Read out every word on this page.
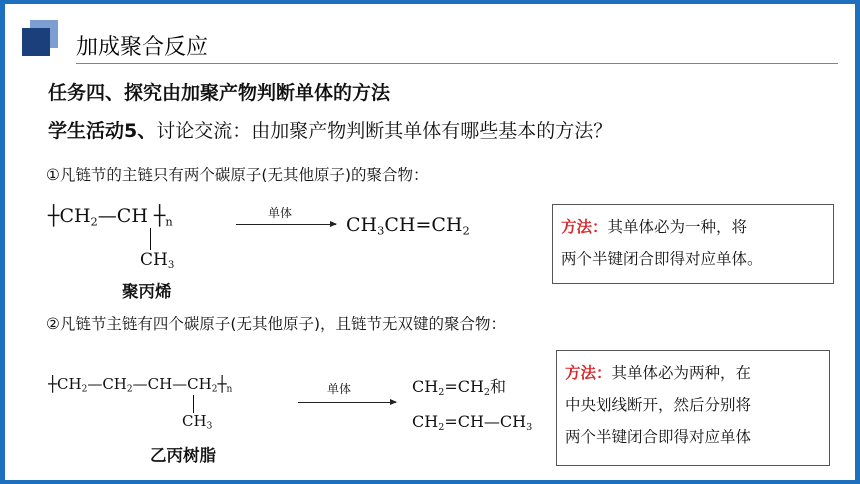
加成聚合反应
任务四、探究由加聚产物判断单体的方法
学生活动5、讨论交流：由加聚产物判断其单体有哪些基本的方法？
①凡链节的主链只有两个碳原子(无其他原子)的聚合物：
$┼CH_2—CH$ $┼_n$
$CH_3$
单体
$CH_3CH=CH_2$
聚丙烯
方法：其单体必为一种，将
两个半键闭合即得对应单体。
②凡链节主链有四个碳原子(无其他原子)，且链节无双键的聚合物：
$┼CH_2—CH_2—CH—CH_2┼_n$
$CH_3$
单体	$CH_2=CH_2$和
$CH_2=CH—CH_3$
乙丙树脂
方法：其单体必为两种，在
中央划线断开，然后分别将
两个半键闭合即得对应单体
